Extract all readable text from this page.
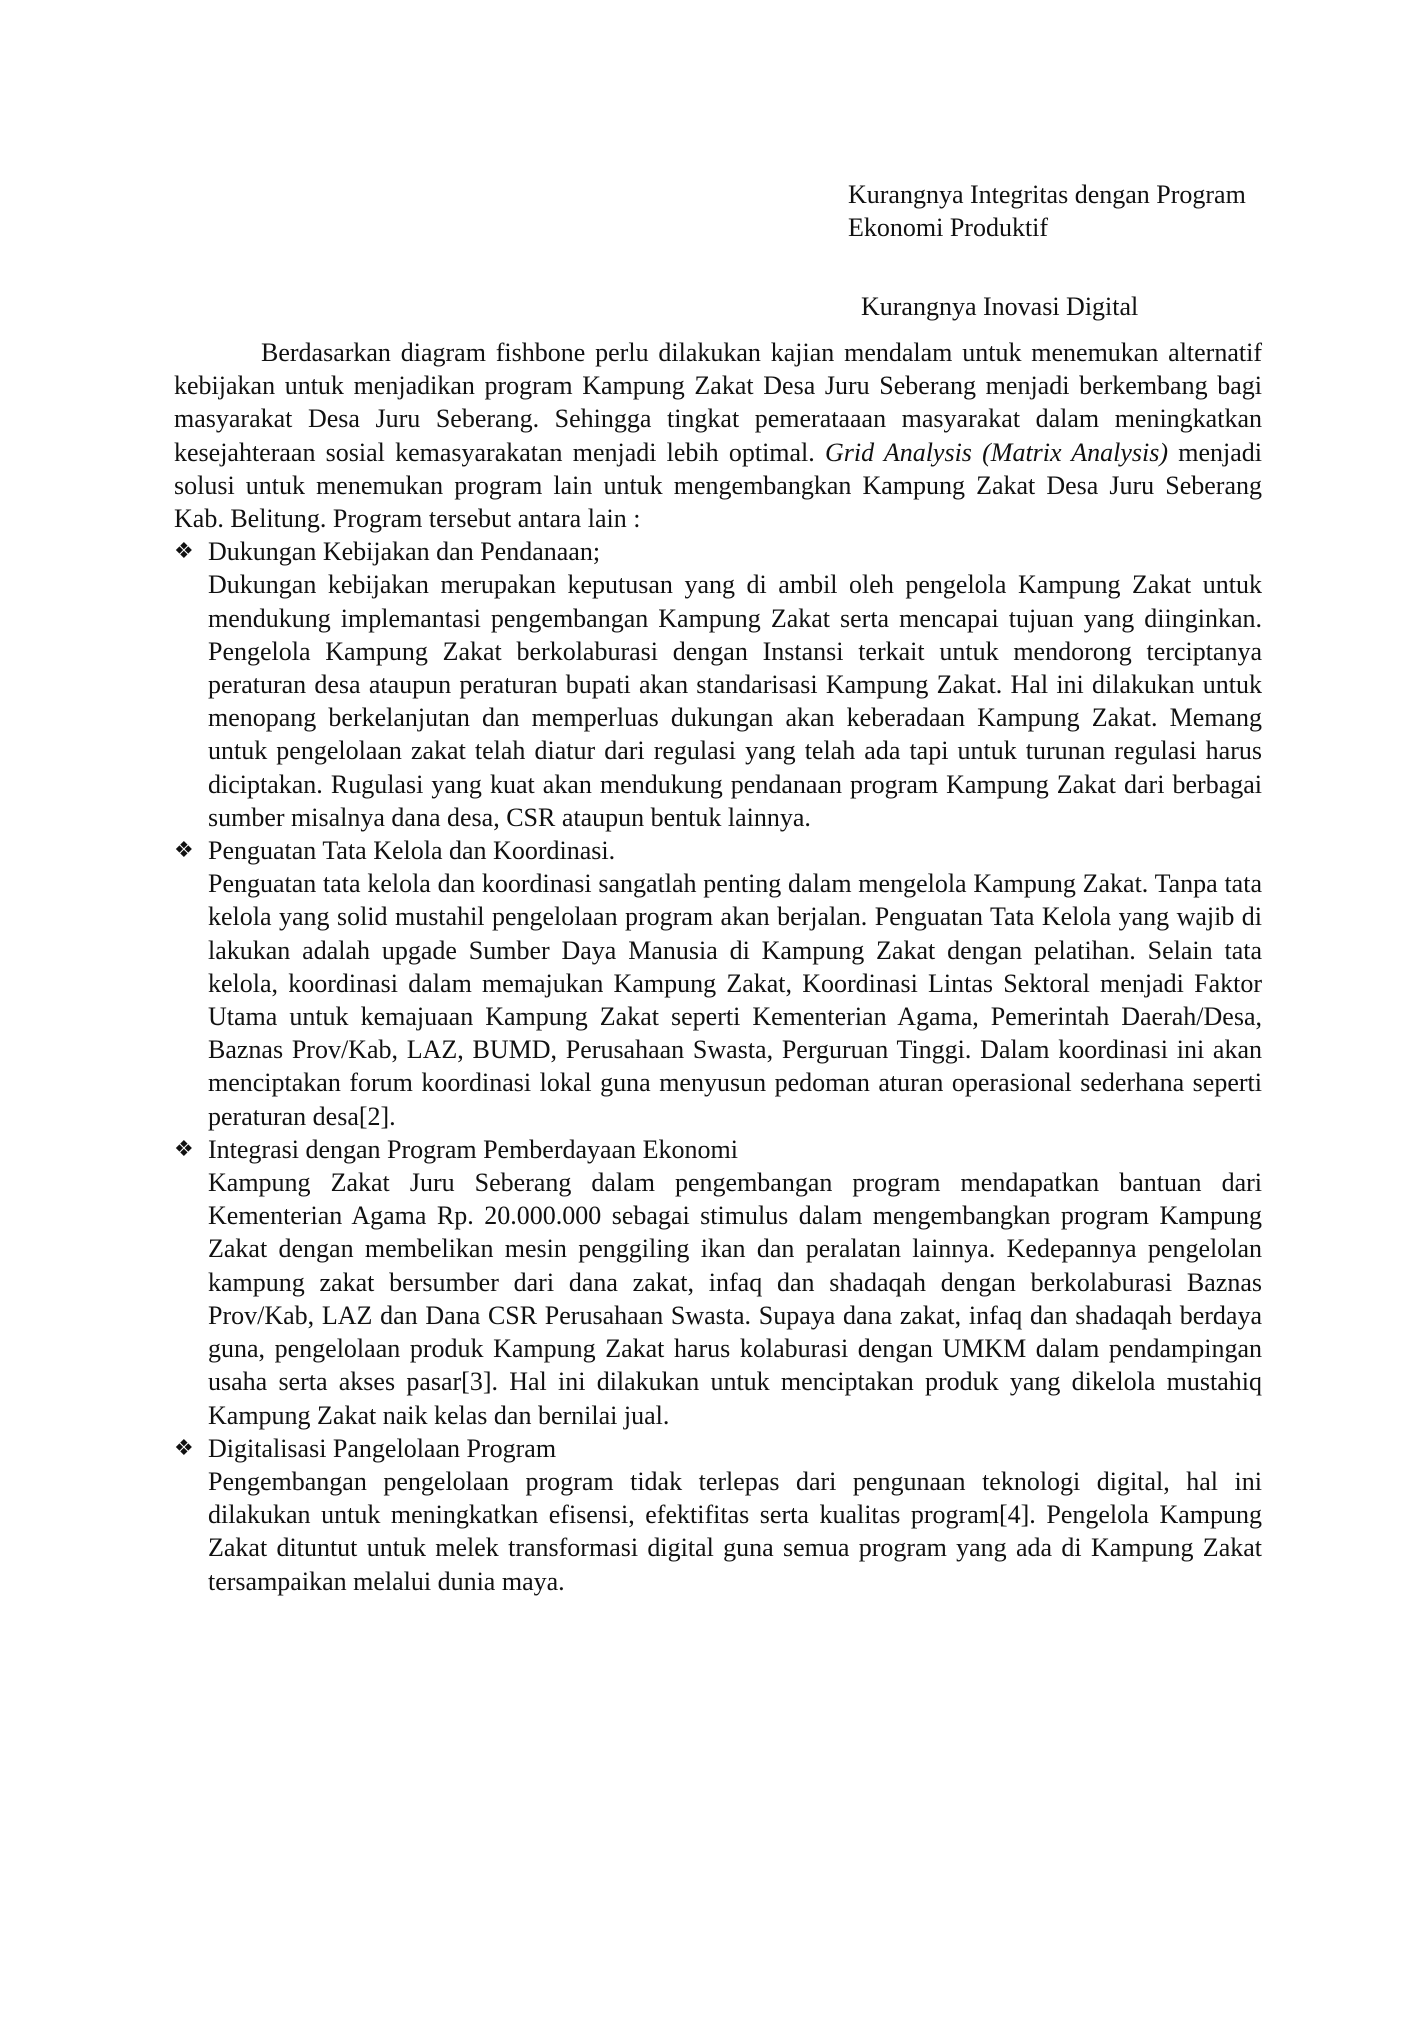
Kurangnya Integritas dengan Program
Ekonomi Produktif
Kurangnya Inovasi Digital

Berdasarkan diagram fishbone perlu dilakukan kajian mendalam untuk menemukan alternatif kebijakan untuk menjadikan program Kampung Zakat Desa Juru Seberang menjadi berkembang bagi masyarakat Desa Juru Seberang. Sehingga tingkat pemerataaan masyarakat dalam meningkatkan kesejahteraan sosial kemasyarakatan menjadi lebih optimal. Grid Analysis (Matrix Analysis) menjadi solusi untuk menemukan program lain untuk mengembangkan Kampung Zakat Desa Juru Seberang Kab. Belitung. Program tersebut antara lain :

❖ Dukungan Kebijakan dan Pendanaan;

Dukungan kebijakan merupakan keputusan yang di ambil oleh pengelola Kampung Zakat untuk mendukung implemantasi pengembangan Kampung Zakat serta mencapai tujuan yang diinginkan. Pengelola Kampung Zakat berkolaburasi dengan Instansi terkait untuk mendorong terciptanya peraturan desa ataupun peraturan bupati akan standarisasi Kampung Zakat. Hal ini dilakukan untuk menopang berkelanjutan dan memperluas dukungan akan keberadaan Kampung Zakat. Memang untuk pengelolaan zakat telah diatur dari regulasi yang telah ada tapi untuk turunan regulasi harus diciptakan. Rugulasi yang kuat akan mendukung pendanaan program Kampung Zakat dari berbagai sumber misalnya dana desa, CSR ataupun bentuk lainnya.

❖ Penguatan Tata Kelola dan Koordinasi.

Penguatan tata kelola dan koordinasi sangatlah penting dalam mengelola Kampung Zakat. Tanpa tata kelola yang solid mustahil pengelolaan program akan berjalan. Penguatan Tata Kelola yang wajib di lakukan adalah upgade Sumber Daya Manusia di Kampung Zakat dengan pelatihan. Selain tata kelola, koordinasi dalam memajukan Kampung Zakat, Koordinasi Lintas Sektoral menjadi Faktor Utama untuk kemajuaan Kampung Zakat seperti Kementerian Agama, Pemerintah Daerah/Desa, Baznas Prov/Kab, LAZ, BUMD, Perusahaan Swasta, Perguruan Tinggi. Dalam koordinasi ini akan menciptakan forum koordinasi lokal guna menyusun pedoman aturan operasional sederhana seperti peraturan desa[2].

❖ Integrasi dengan Program Pemberdayaan Ekonomi

Kampung Zakat Juru Seberang dalam pengembangan program mendapatkan bantuan dari Kementerian Agama Rp. 20.000.000 sebagai stimulus dalam mengembangkan program Kampung Zakat dengan membelikan mesin penggiling ikan dan peralatan lainnya. Kedepannya pengelolan kampung zakat bersumber dari dana zakat, infaq dan shadaqah dengan berkolaburasi Baznas Prov/Kab, LAZ dan Dana CSR Perusahaan Swasta. Supaya dana zakat, infaq dan shadaqah berdaya guna, pengelolaan produk Kampung Zakat harus kolaburasi dengan UMKM dalam pendampingan usaha serta akses pasar[3]. Hal ini dilakukan untuk menciptakan produk yang dikelola mustahiq Kampung Zakat naik kelas dan bernilai jual.

❖ Digitalisasi Pangelolaan Program

Pengembangan pengelolaan program tidak terlepas dari pengunaan teknologi digital, hal ini dilakukan untuk meningkatkan efisensi, efektifitas serta kualitas program[4]. Pengelola Kampung Zakat dituntut untuk melek transformasi digital guna semua program yang ada di Kampung Zakat tersampaikan melalui dunia maya.
